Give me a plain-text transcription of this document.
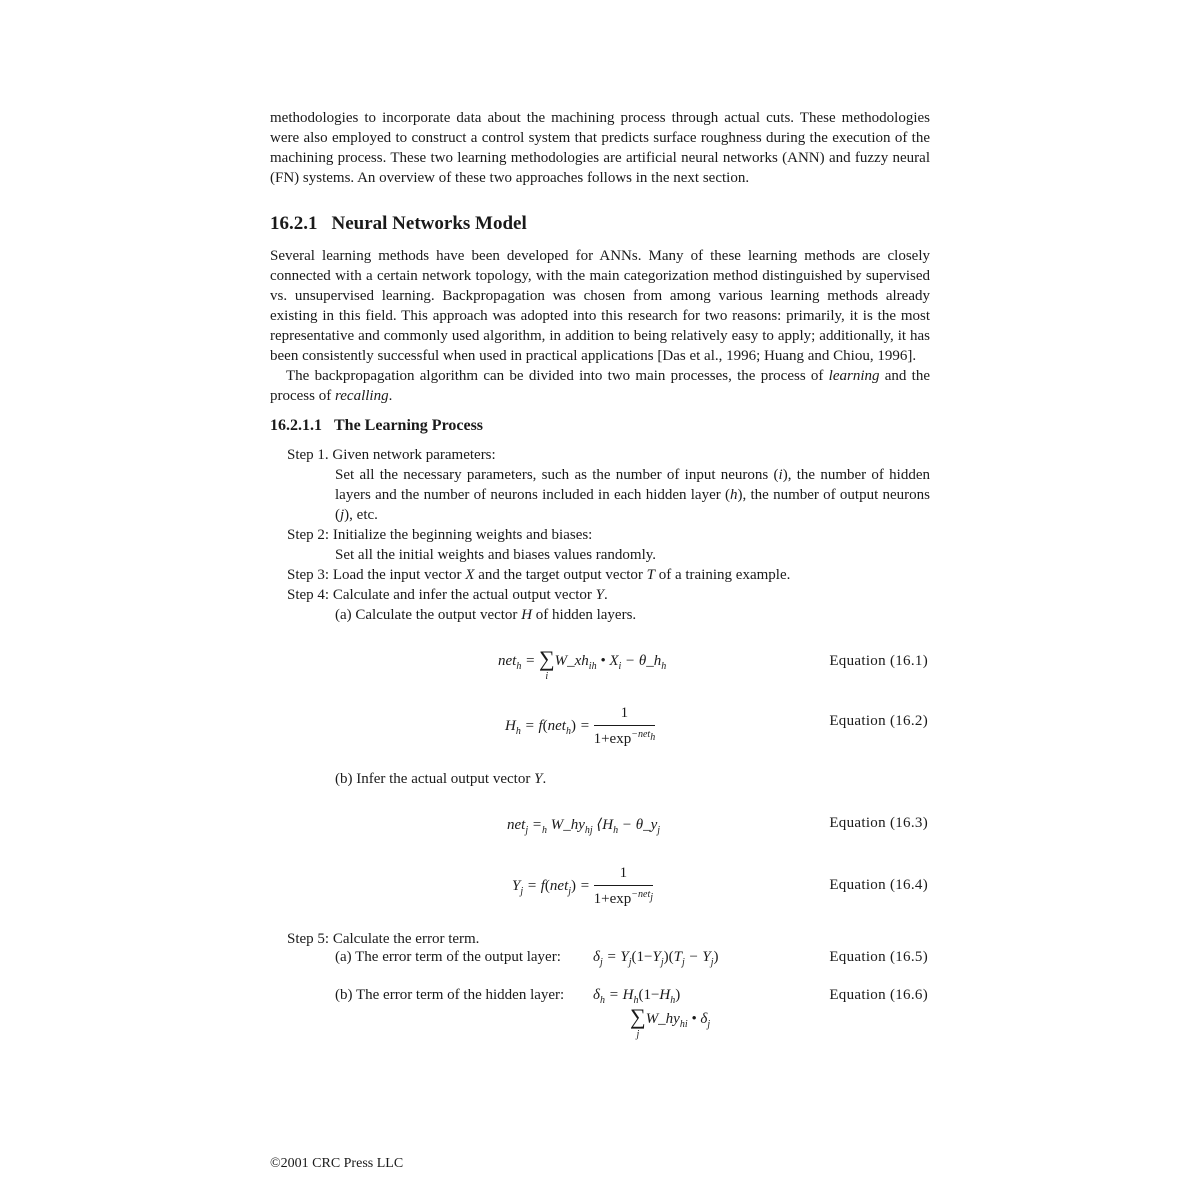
methodologies to incorporate data about the machining process through actual cuts. These methodologies were also employed to construct a control system that predicts surface roughness during the execution of the machining process. These two learning methodologies are artificial neural networks (ANN) and fuzzy neural (FN) systems. An overview of these two approaches follows in the next section.

16.2.1 Neural Networks Model

Several learning methods have been developed for ANNs. Many of these learning methods are closely connected with a certain network topology, with the main categorization method distinguished by supervised vs. unsupervised learning. Backpropagation was chosen from among various learning methods already existing in this field. This approach was adopted into this research for two reasons: primarily, it is the most representative and commonly used algorithm, in addition to being relatively easy to apply; additionally, it has been consistently successful when used in practical applications [Das et al., 1996; Huang and Chiou, 1996].

The backpropagation algorithm can be divided into two main processes, the process of learning and the process of recalling.

16.2.1.1 The Learning Process
Step 1. Given network parameters:
Set all the necessary parameters, such as the number of input neurons (i), the number of hidden layers and the number of neurons included in each hidden layer (h), the number of output neurons (j), etc.
Step 2: Initialize the beginning weights and biases:
Set all the initial weights and biases values randomly.
Step 3: Load the input vector X and the target output vector T of a training example.
Step 4: Calculate and infer the actual output vector Y.
(a) Calculate the output vector H of hidden layers.
net$_h$ = ∑
$_iW\_xh_{ih}$ • $X_i$ − $\theta\_h_h$	Equation (16.1)
$H_h = f(net_h) = \frac{1}{1+\exp^{-net_h}}$	Equation (16.2)
(b) Infer the actual output vector Y.
$net_j =_h$ $W\_hy_{hj}$ $⟨H_h$ − $\theta\_y_j$	Equation (16.3)
$Y_j = f(net_j) = \frac{1}{1+\exp^{-net_j}}$	Equation (16.4)
Step 5: Calculate the error term.
(a) The error term of the output layer: $\delta_j = Y_j(1-Y_j)(T_j - Y_j)$	Equation (16.5)
(b) The error term of the hidden layer: $\delta_h = H_h(1-H_h)$
∑
$_jW\_hy_{hi}$ • $\delta_j$
Equation (16.6)
©2001 CRC Press LLC
